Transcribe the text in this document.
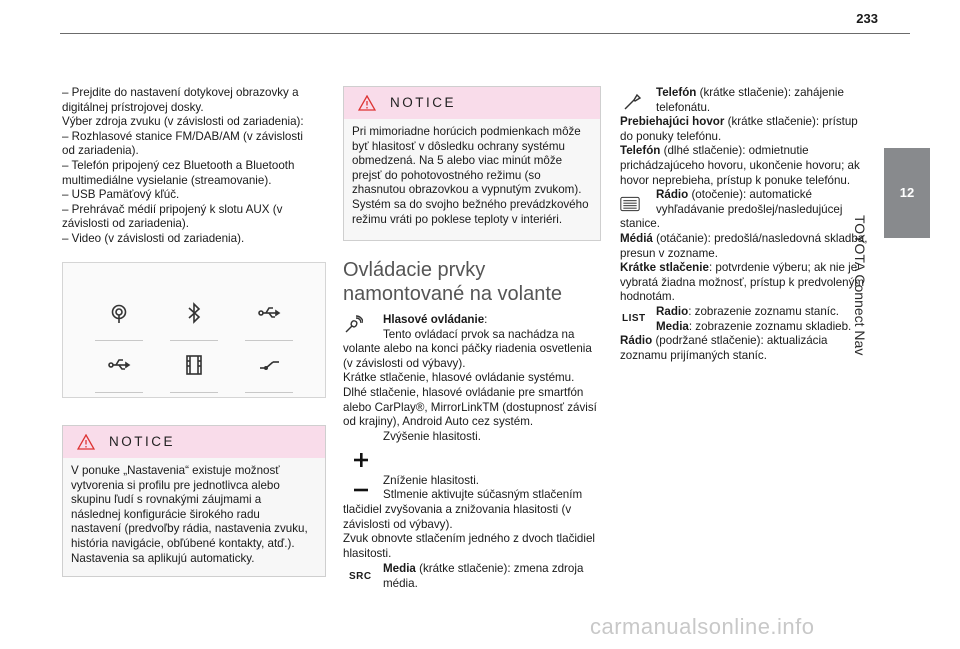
233
12
TOYOTA Connect Nav
– Prejdite do nastavení dotykovej obrazovky a
digitálnej prístrojovej dosky.
Výber zdroja zvuku (v závislosti od zariadenia):
– Rozhlasové stanice FM/DAB/AM (v závislosti
od zariadenia).
– Telefón pripojený cez Bluetooth a Bluetooth
multimediálne vysielanie (streamovanie).
– USB Pamäťový kľúč.
– Prehrávač médií pripojený k slotu AUX (v
závislosti od zariadenia).
– Video (v závislosti od zariadenia).
NOTICE
V ponuke „Nastavenia“ existuje možnosť
vytvorenia si profilu pre jednotlivca alebo
skupinu ľudí s rovnakými záujmami a
následnej konfigurácie širokého radu
nastavení (predvoľby rádia, nastavenia zvuku,
história navigácie, obľúbené kontakty, atď.).
Nastavenia sa aplikujú automaticky.
NOTICE
Pri mimoriadne horúcich podmienkach môže
byť hlasitosť v dôsledku ochrany systému
obmedzená. Na 5 alebo viac minút môže
prejsť do pohotovostného režimu (so
zhasnutou obrazovkou a vypnutým zvukom).
Systém sa do svojho bežného prevádzkového
režimu vráti po poklese teploty v interiéri.
Ovládacie prvky
namontované na volante
Hlasové ovládanie:
Tento ovládací prvok sa nachádza na
volante alebo na konci páčky riadenia osvetlenia
(v závislosti od výbavy).
Krátke stlačenie, hlasové ovládanie systému.
Dlhé stlačenie, hlasové ovládanie pre smartfón
alebo CarPlay®, MirrorLinkTM (dostupnosť závisí
od krajiny), Android Auto cez systém.
Zvýšenie hlasitosti.
Zníženie hlasitosti.
Stlmenie aktivujte súčasným stlačením
tlačidiel zvyšovania a znižovania hlasitosti (v
závislosti od výbavy).
Zvuk obnovte stlačením jedného z dvoch tlačidiel
hlasitosti.
SRC
Media (krátke stlačenie): zmena zdroja
média.
Telefón (krátke stlačenie): zahájenie
telefonátu.
Prebiehajúci hovor (krátke stlačenie): prístup
do ponuky telefónu.
Telefón (dlhé stlačenie): odmietnutie
prichádzajúceho hovoru, ukončenie hovoru; ak
hovor neprebieha, prístup k ponuke telefónu.
Rádio (otočenie): automatické
vyhľadávanie predošlej/nasledujúcej
stanice.
Médiá (otáčanie): predošlá/nasledovná skladba,
presun v zozname.
Krátke stlačenie: potvrdenie výberu; ak nie je
vybratá žiadna možnosť, prístup k predvoleným
hodnotám.
LIST
Radio: zobrazenie zoznamu staníc.
Media: zobrazenie zoznamu skladieb.
Rádio (podržané stlačenie): aktualizácia
zoznamu prijímaných staníc.
carmanualsonline.info
